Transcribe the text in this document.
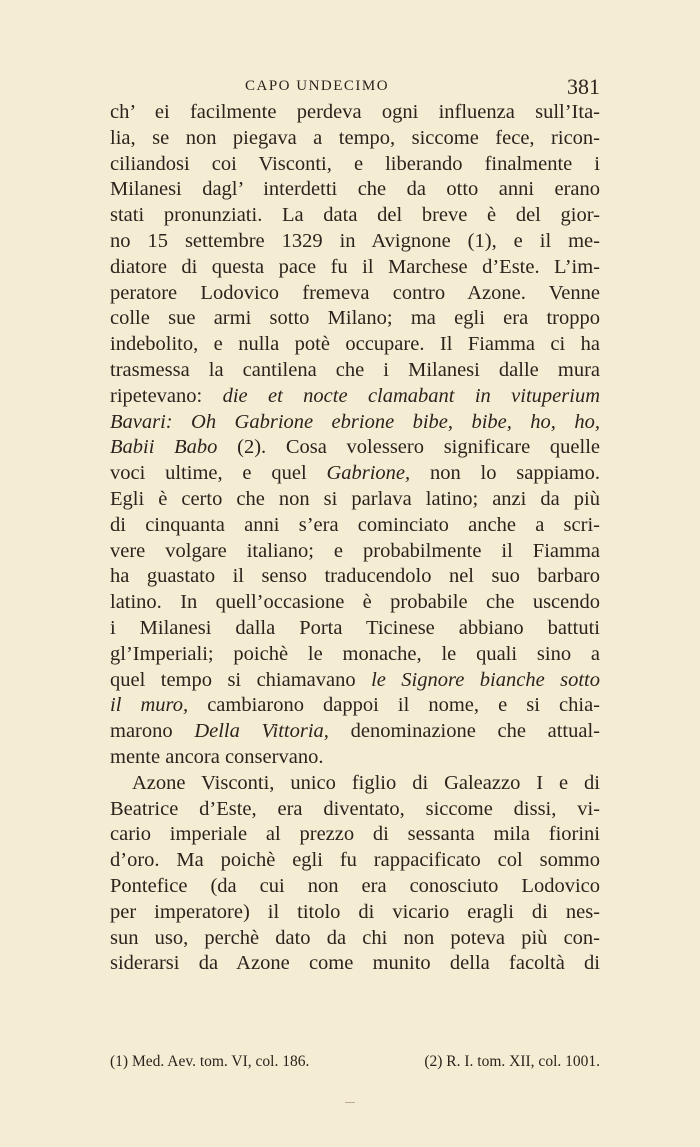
CAPO UNDECIMO	381
ch’ ei facilmente perdeva ogni influenza sull’Ita-
lia, se non piegava a tempo, siccome fece, ricon-
ciliandosi coi Visconti, e liberando finalmente i
Milanesi dagl’ interdetti che da otto anni erano
stati pronunziati. La data del breve è del gior-
no 15 settembre 1329 in Avignone (1), e il me-
diatore di questa pace fu il Marchese d’Este. L’im-
peratore Lodovico fremeva contro Azone. Venne
colle sue armi sotto Milano; ma egli era troppo
indebolito, e nulla potè occupare. Il Fiamma ci ha
trasmessa la cantilena che i Milanesi dalle mura
ripetevano: die et nocte clamabant in vituperium
Bavari: Oh Gabrione ebrione bibe, bibe, ho, ho,
Babii Babo (2). Cosa volessero significare quelle
voci ultime, e quel Gabrione, non lo sappiamo.
Egli è certo che non si parlava latino; anzi da più
di cinquanta anni s’era cominciato anche a scri-
vere volgare italiano; e probabilmente il Fiamma
ha guastato il senso traducendolo nel suo barbaro
latino. In quell’occasione è probabile che uscendo
i Milanesi dalla Porta Ticinese abbiano battuti
gl’Imperiali; poichè le monache, le quali sino a
quel tempo si chiamavano le Signore bianche sotto
il muro, cambiarono dappoi il nome, e si chia-
marono Della Vittoria, denominazione che attual-
mente ancora conservano.
Azone Visconti, unico figlio di Galeazzo I e di
Beatrice d’Este, era diventato, siccome dissi, vi-
cario imperiale al prezzo di sessanta mila fiorini
d’oro. Ma poichè egli fu rappacificato col sommo
Pontefice (da cui non era conosciuto Lodovico
per imperatore) il titolo di vicario eragli di nes-
sun uso, perchè dato da chi non poteva più con-
siderarsi da Azone come munito della facoltà di
(1) Med. Aev. tom. VI, col. 186.	(2) R. I. tom. XII, col. 1001.
